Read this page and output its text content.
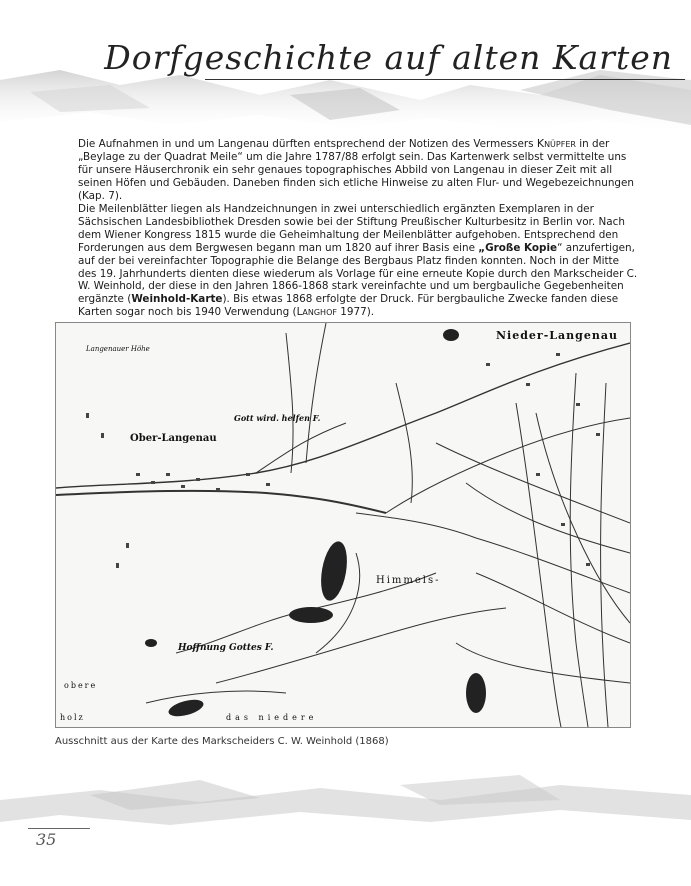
Dorfgeschichte auf alten Karten

Die Aufnahmen in und um Langenau dürften entsprechend der Notizen des Vermessers Knüpfer in der „Beylage zu der Quadrat Meile“ um die Jahre 1787/88 erfolgt sein. Das Kartenwerk selbst vermittelte uns für unsere Häuserchronik ein sehr genaues topographisches Abbild von Langenau in dieser Zeit mit all seinen Höfen und Gebäuden. Daneben finden sich etliche Hinweise zu alten Flur- und Wegebezeichnungen (Kap. 7).

Die Meilenblätter liegen als Handzeichnungen in zwei unterschiedlich ergänzten Exemplaren in der Sächsischen Landesbibliothek Dresden sowie bei der Stiftung Preußischer Kulturbesitz in Berlin vor. Nach dem Wiener Kongress 1815 wurde die Geheimhaltung der Meilenblätter aufgehoben. Entsprechend den Forderungen aus dem Bergwesen begann man um 1820 auf ihrer Basis eine „Große Kopie“ anzufertigen, auf der bei vereinfachter Topographie die Belange des Bergbaus Platz finden konnten. Noch in der Mitte des 19. Jahrhunderts dienten diese wiederum als Vorlage für eine erneute Kopie durch den Markscheider C. W. Weinhold, der diese in den Jahren 1866-1868 stark vereinfachte und um bergbauliche Gegebenheiten ergänzte (Weinhold-Karte). Bis etwas 1868 erfolgte der Druck. Für bergbauliche Zwecke fanden diese Karten sogar noch bis 1940 Verwendung (LANGHOF 1977).

Nieder-Langenau
Langenauer Höhe
Gott wird. helfen F.
Ober-Langenau
Himmels-
Hoffnung Gottes F.
obere
holz	das niedere
Ausschnitt aus der Karte des Markscheiders C. W. Weinhold (1868)
35
